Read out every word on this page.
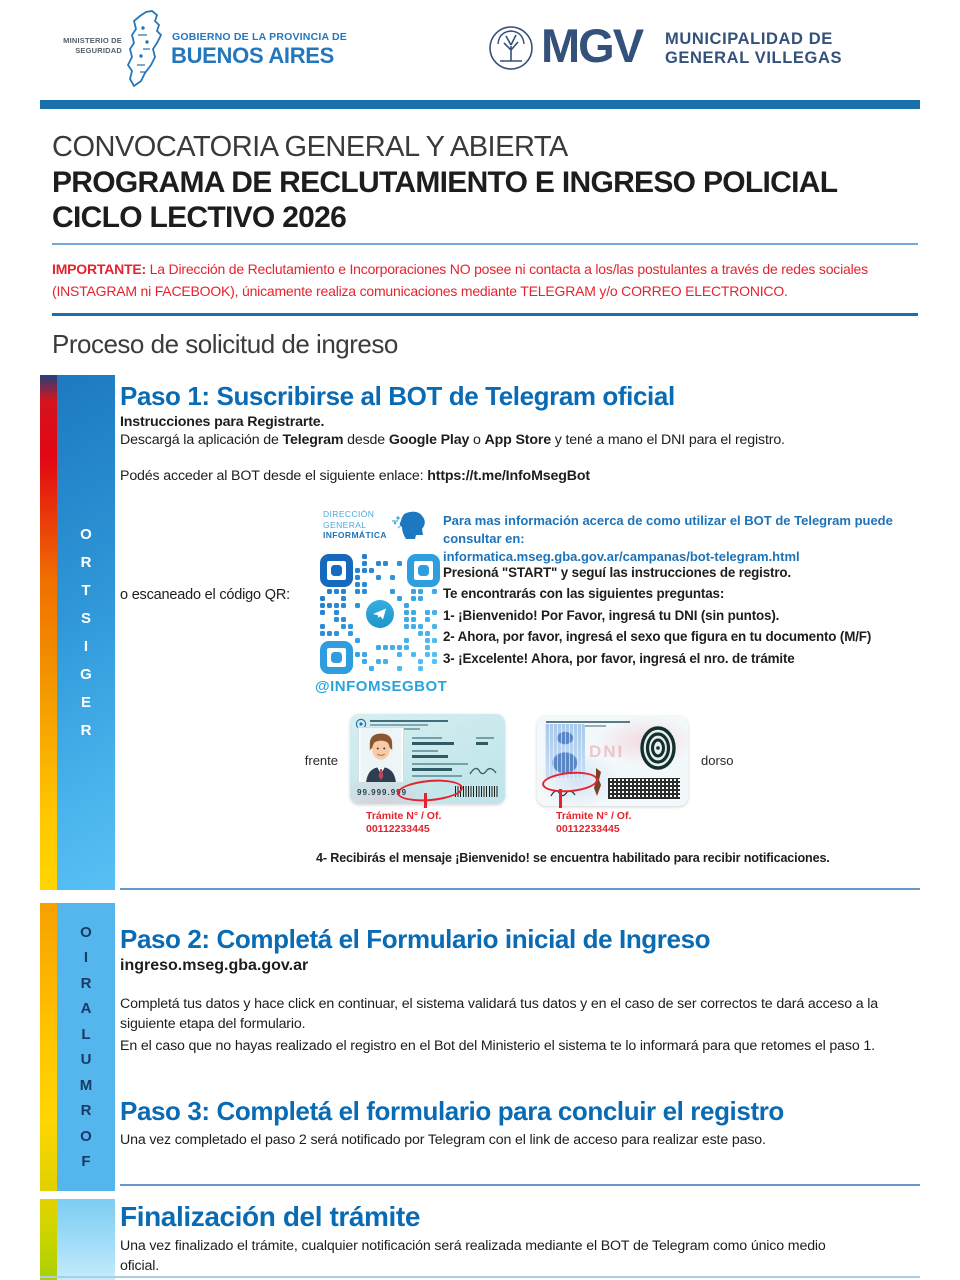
MINISTERIO DE
SEGURIDAD
GOBIERNO DE LA PROVINCIA DE
BUENOS AIRES	MGV MUNICIPALIDAD DE
GENERAL VILLEGAS
CONVOCATORIA GENERAL Y ABIERTA
PROGRAMA DE RECLUTAMIENTO E INGRESO POLICIAL
CICLO LECTIVO 2026
IMPORTANTE: La Dirección de Reclutamiento e Incorporaciones NO posee ni contacta a los/las postulantes a través de redes sociales (INSTAGRAM ni FACEBOOK), únicamente realiza comunicaciones mediante TELEGRAM y/o CORREO ELECTRONICO.
Proceso de solicitud de ingreso
O
R
T
S
I
G
E
R
O
I
R
A
L
U
M
R
O
F
Paso 1: Suscribirse al BOT de Telegram oficial
Instrucciones para Registrarte.
Descargá la aplicación de Telegram desde Google Play o App Store y tené a mano el DNI para el registro.
Podés acceder al BOT desde el siguiente enlace: https://t.me/InfoMsegBot
DIRECCIÓN
GENERAL
INFORMÁTICA
Para mas información acerca de como utilizar el BOT de Telegram puede consultar en:
informatica.mseg.gba.gov.ar/campanas/bot-telegram.html
o escaneado el código QR:
Presioná "START" y seguí las instrucciones de registro.
Te encontrarás con las siguientes preguntas:
1- ¡Bienvenido! Por Favor, ingresá tu DNI (sin puntos).
2- Ahora, por favor, ingresá el sexo que figura en tu documento (M/F)
3- ¡Excelente! Ahora, por favor, ingresá el nro. de trámite
@INFOMSEGBOT
frente
99.999.999
DNI	dorso
Trámite N° / Of.
00112233445
Trámite N° / Of.
00112233445
4- Recibirás el mensaje ¡Bienvenido! se encuentra habilitado para recibir notificaciones.
Paso 2: Completá el Formulario inicial de Ingreso
ingreso.mseg.gba.gov.ar
Completá tus datos y hace click en continuar, el sistema validará tus datos y en el caso de ser correctos te dará acceso a la siguiente etapa del formulario.
En el caso que no hayas realizado el registro en el Bot del Ministerio el sistema te lo informará para que retomes el paso 1.
Paso 3: Completá el formulario para concluir el registro
Una vez completado el paso 2 será notificado por Telegram con el link de acceso para realizar este paso.
Finalización del trámite
Una vez finalizado el trámite, cualquier notificación será realizada mediante el BOT de Telegram como único medio oficial.
